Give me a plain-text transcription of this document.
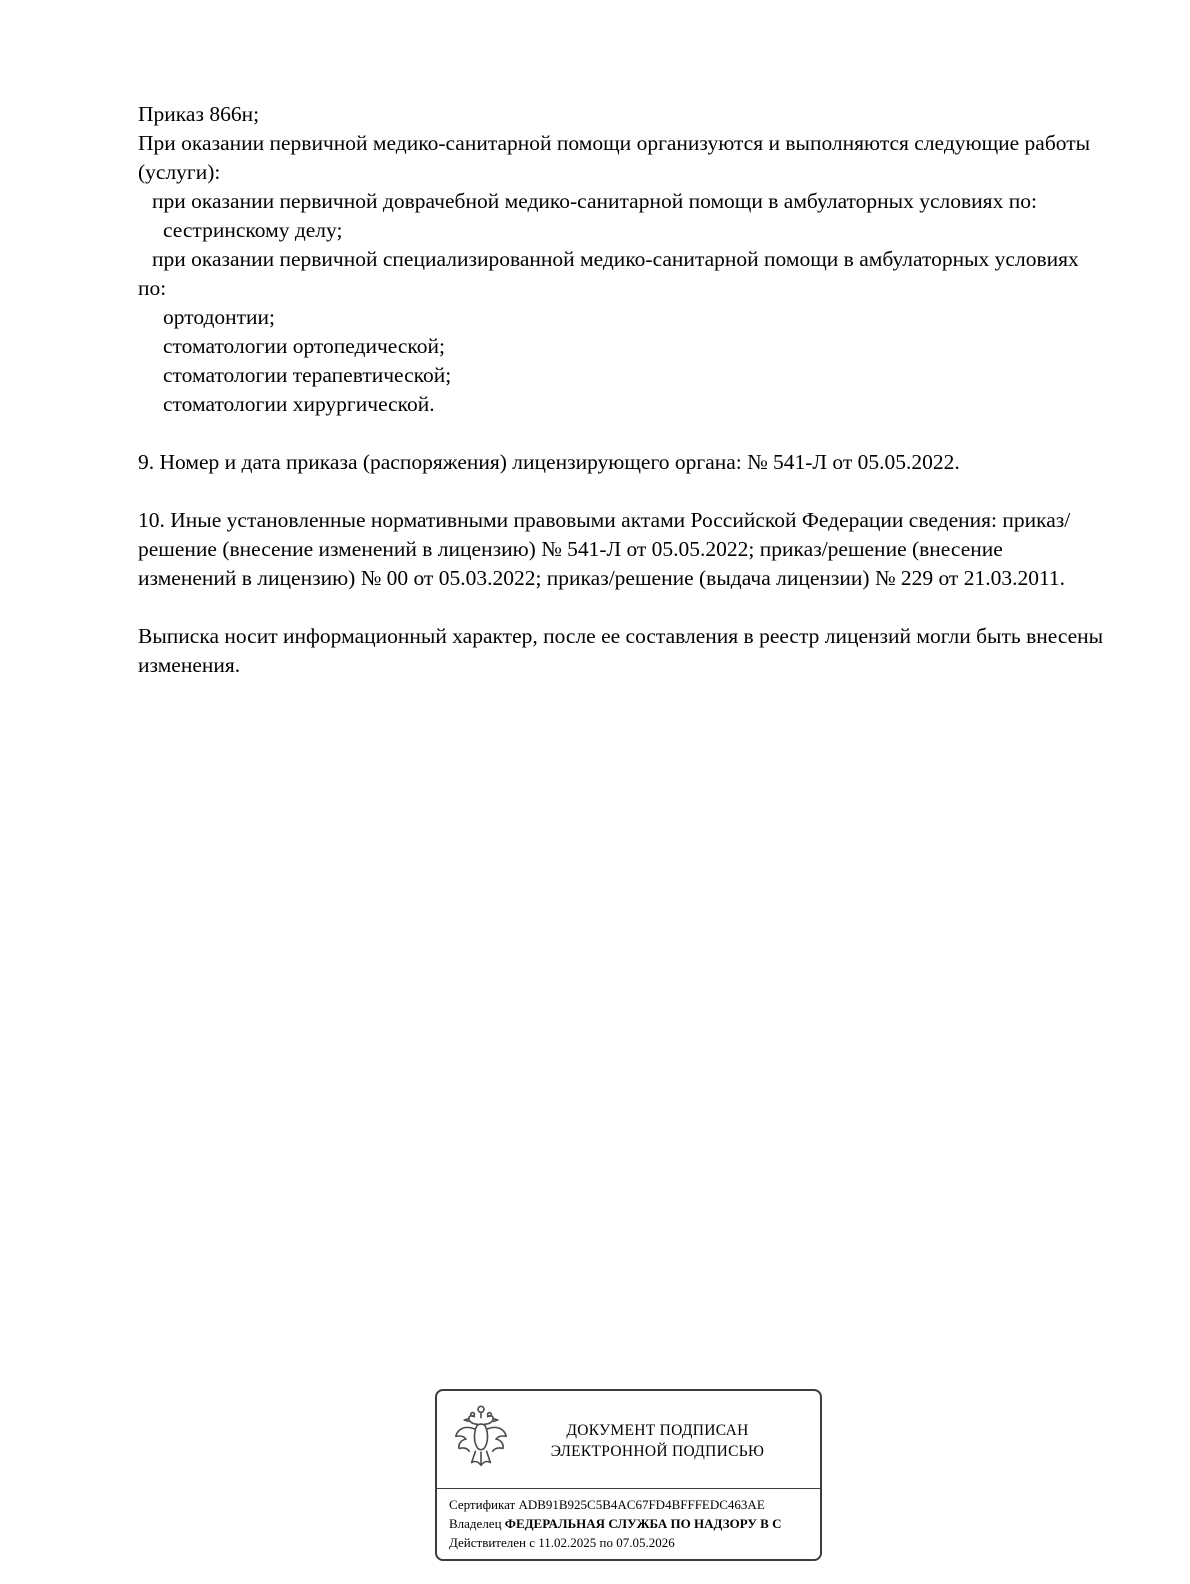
Приказ 866н;

При оказании первичной медико-санитарной помощи организуются и выполняются следующие работы (услуги):

при оказании первичной доврачебной медико-санитарной помощи в амбулаторных условиях по:

сестринскому делу;

при оказании первичной специализированной медико-санитарной помощи в амбулаторных условиях по:

ортодонтии;

стоматологии ортопедической;

стоматологии терапевтической;

стоматологии хирургической.

9. Номер и дата приказа (распоряжения) лицензирующего органа: № 541-Л от 05.05.2022.

10. Иные установленные нормативными правовыми актами Российской Федерации сведения: приказ/решение (внесение изменений в лицензию) № 541-Л от 05.05.2022; приказ/решение (внесение изменений в лицензию) № 00 от 05.03.2022; приказ/решение (выдача лицензии) № 229 от 21.03.2011.

Выписка носит информационный характер, после ее составления в реестр лицензий могли быть внесены изменения.

ДОКУМЕНТ ПОДПИСАН
ЭЛЕКТРОННОЙ ПОДПИСЬЮ
Сертификат ADB91B925C5B4AC67FD4BFFFEDC463AE
Владелец ФЕДЕРАЛЬНАЯ СЛУЖБА ПО НАДЗОРУ В С
Действителен с 11.02.2025 по 07.05.2026
